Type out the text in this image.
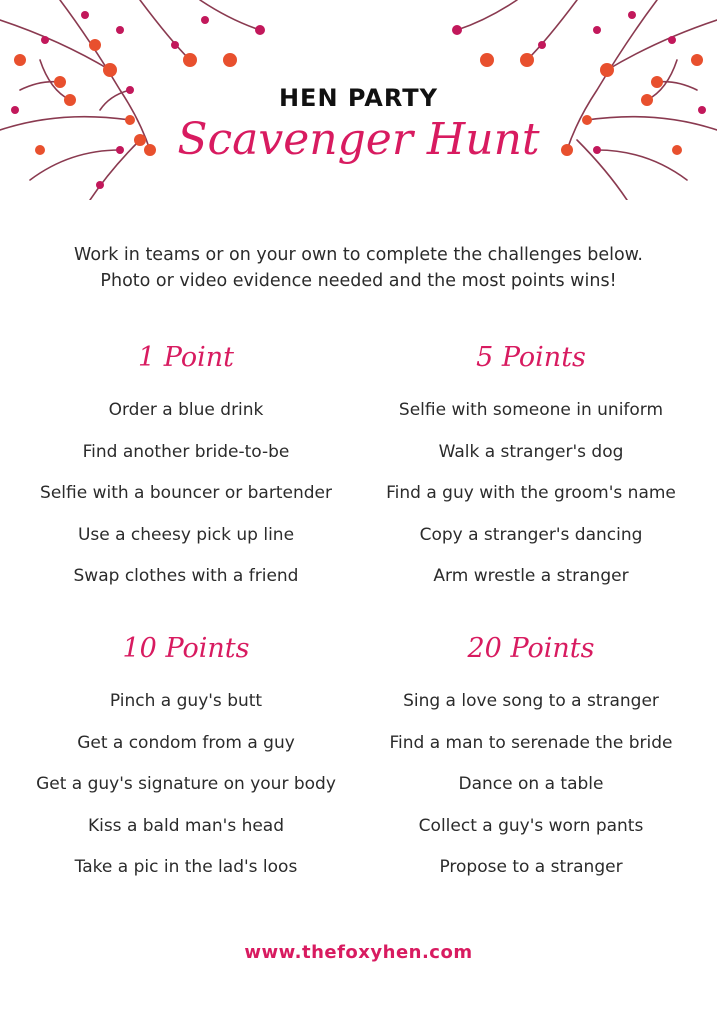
HEN PARTY
Scavenger Hunt
Work in teams or on your own to complete the challenges below.
Photo or video evidence needed and the most points wins!
1 Point
Order a blue drink
Find another bride-to-be
Selfie with a bouncer or bartender
Use a cheesy pick up line
Swap clothes with a friend
5 Points
Selfie with someone in uniform
Walk a stranger's dog
Find a guy with the groom's name
Copy a stranger's dancing
Arm wrestle a stranger
10 Points
Pinch a guy's butt
Get a condom from a guy
Get a guy's signature on your body
Kiss a bald man's head
Take a pic in the lad's loos
20 Points
Sing a love song to a stranger
Find a man to serenade the bride
Dance on a table
Collect a guy's worn pants
Propose to a stranger
www.thefoxyhen.com
